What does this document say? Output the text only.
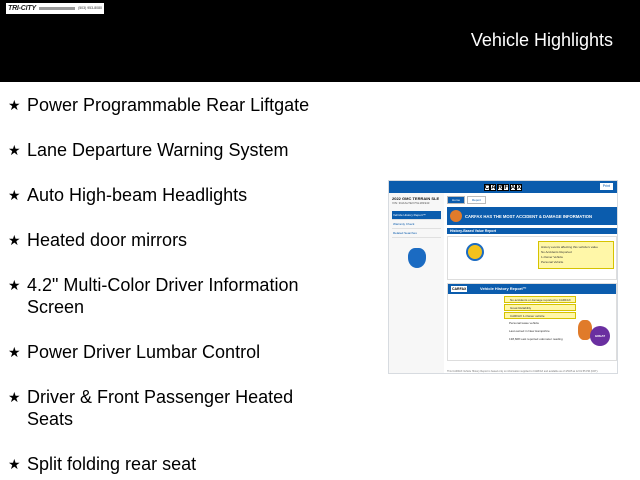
TRI-CITY	(503) 953-8080
Vehicle Highlights
★ Power Programmable Rear Liftgate
★ Lane Departure Warning System
★ Auto High-beam Headlights
★ Heated door mirrors
★ 4.2" Multi-Color Driver Information Screen
★ Power Driver Lumbar Control
★ Driver & Front Passenger Heated Seats
★ Split folding rear seat
C A R F A X	Print
2022 GMC TERRAIN SLE
VIN: 3GKALTEV7NL181943
Vehicle History Report™
Warranty Check
Related Searches
Home	Report
CARFAX HAS THE MOST ACCIDENT & DAMAGE INFORMATION
History-Based Value Report
History events affecting this vehicle's value
No Accidents Reported
1-Owner Vehicle
Personal Vehicle
CARFAX	Vehicle History Report™
No accidents or damage reported to CARFAX
Great Reliability
CARFAX 1-Owner vehicle
Personal lease vehicle
Last owned in New Hampshire
138,608 Last reported odometer reading
GREAT RELIABILITY
This CARFAX Vehicle History Report is based only on information supplied to CARFAX and available as of 4/5/25 at 12:01:55 PM (CDT).
